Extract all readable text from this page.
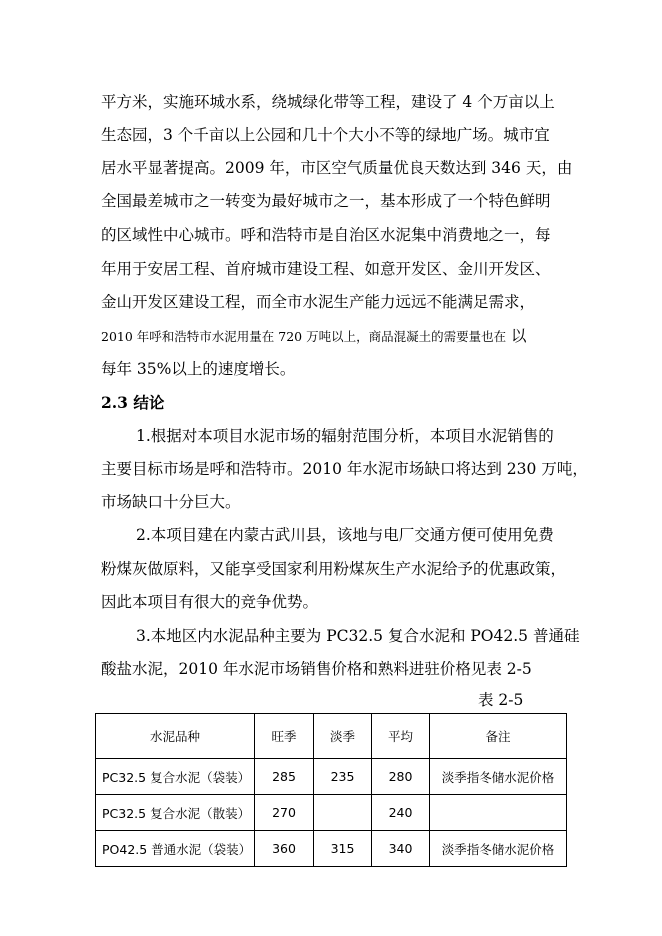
平方米，实施环城水系，绕城绿化带等工程，建设了 4 个万亩以上
生态园，3 个千亩以上公园和几十个大小不等的绿地广场。城市宜
居水平显著提高。2009 年，市区空气质量优良天数达到 346 天，由
全国最差城市之一转变为最好城市之一，基本形成了一个特色鲜明
的区域性中心城市。呼和浩特市是自治区水泥集中消费地之一，每
年用于安居工程、首府城市建设工程、如意开发区、金川开发区、
金山开发区建设工程，而全市水泥生产能力远远不能满足需求，
2010 年呼和浩特市水泥用量在 720 万吨以上，商品混凝土的需要量也在 以
每年 35%以上的速度增长。
2.3 结论
1.根据对本项目水泥市场的辐射范围分析，本项目水泥销售的
主要目标市场是呼和浩特市。2010 年水泥市场缺口将达到 230 万吨，
市场缺口十分巨大。
2.本项目建在内蒙古武川县，该地与电厂交通方便可使用免费
粉煤灰做原料，又能享受国家利用粉煤灰生产水泥给予的优惠政策，
因此本项目有很大的竞争优势。
3.本地区内水泥品种主要为 PC32.5 复合水泥和 PO42.5 普通硅
酸盐水泥，2010 年水泥市场销售价格和熟料进驻价格见表 2-5
表 2-5
水泥品种	旺季	淡季	平均	备注
PC32.5 复合水泥（袋装）	285	235	280	淡季指冬储水泥价格
PC32.5 复合水泥（散装）	270		240	
PO42.5 普通水泥（袋装）	360	315	340	淡季指冬储水泥价格
